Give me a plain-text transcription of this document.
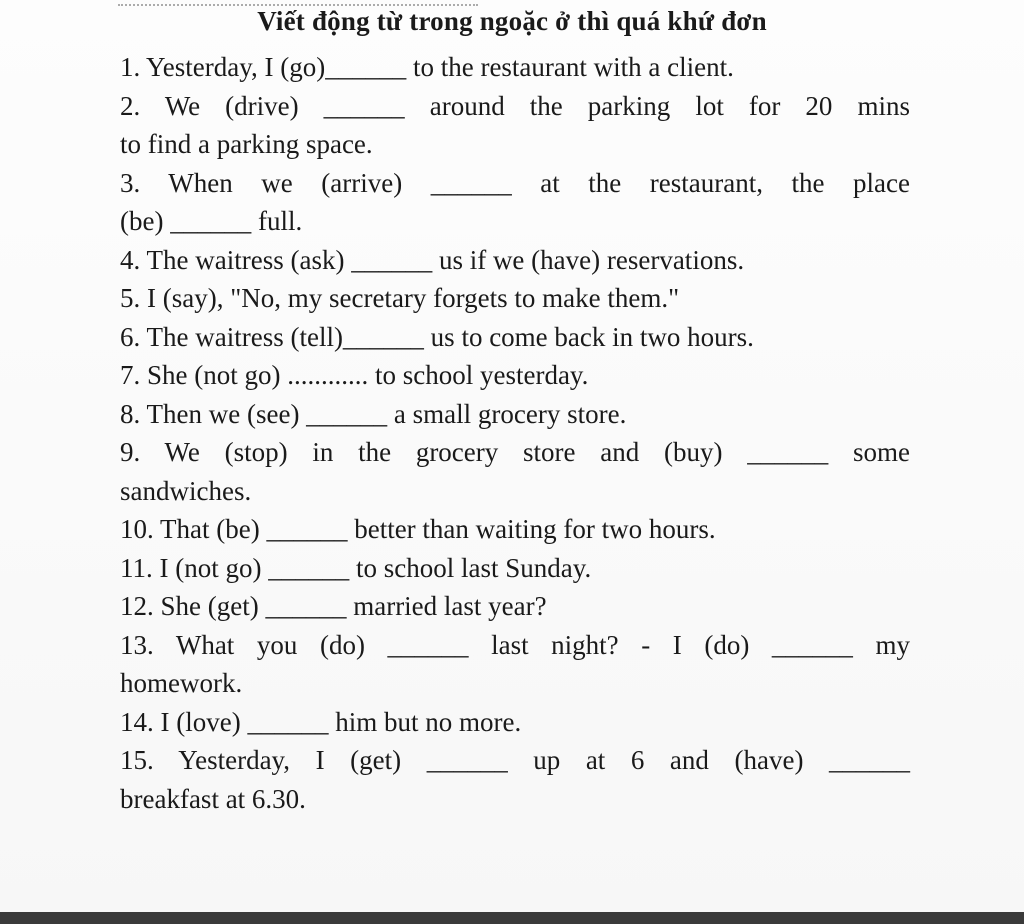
Viết động từ trong ngoặc ở thì quá khứ đơn
1. Yesterday, I (go)______ to the restaurant with a client.
2. We (drive) ______ around the parking lot for 20 mins
to find a parking space.
3. When we (arrive) ______ at the restaurant, the place
(be) ______ full.
4. The waitress (ask) ______ us if we (have) reservations.
5. I (say), "No, my secretary forgets to make them."
6. The waitress (tell)______ us to come back in two hours.
7. She (not go) ............ to school yesterday.
8. Then we (see) ______ a small grocery store.
9. We (stop) in the grocery store and (buy) ______ some
sandwiches.
10. That (be) ______ better than waiting for two hours.
11. I (not go) ______ to school last Sunday.
12. She (get) ______ married last year?
13. What you (do) ______ last night? - I (do) ______ my
homework.
14. I (love) ______ him but no more.
15. Yesterday, I (get) ______ up at 6 and (have) ______
breakfast at 6.30.
